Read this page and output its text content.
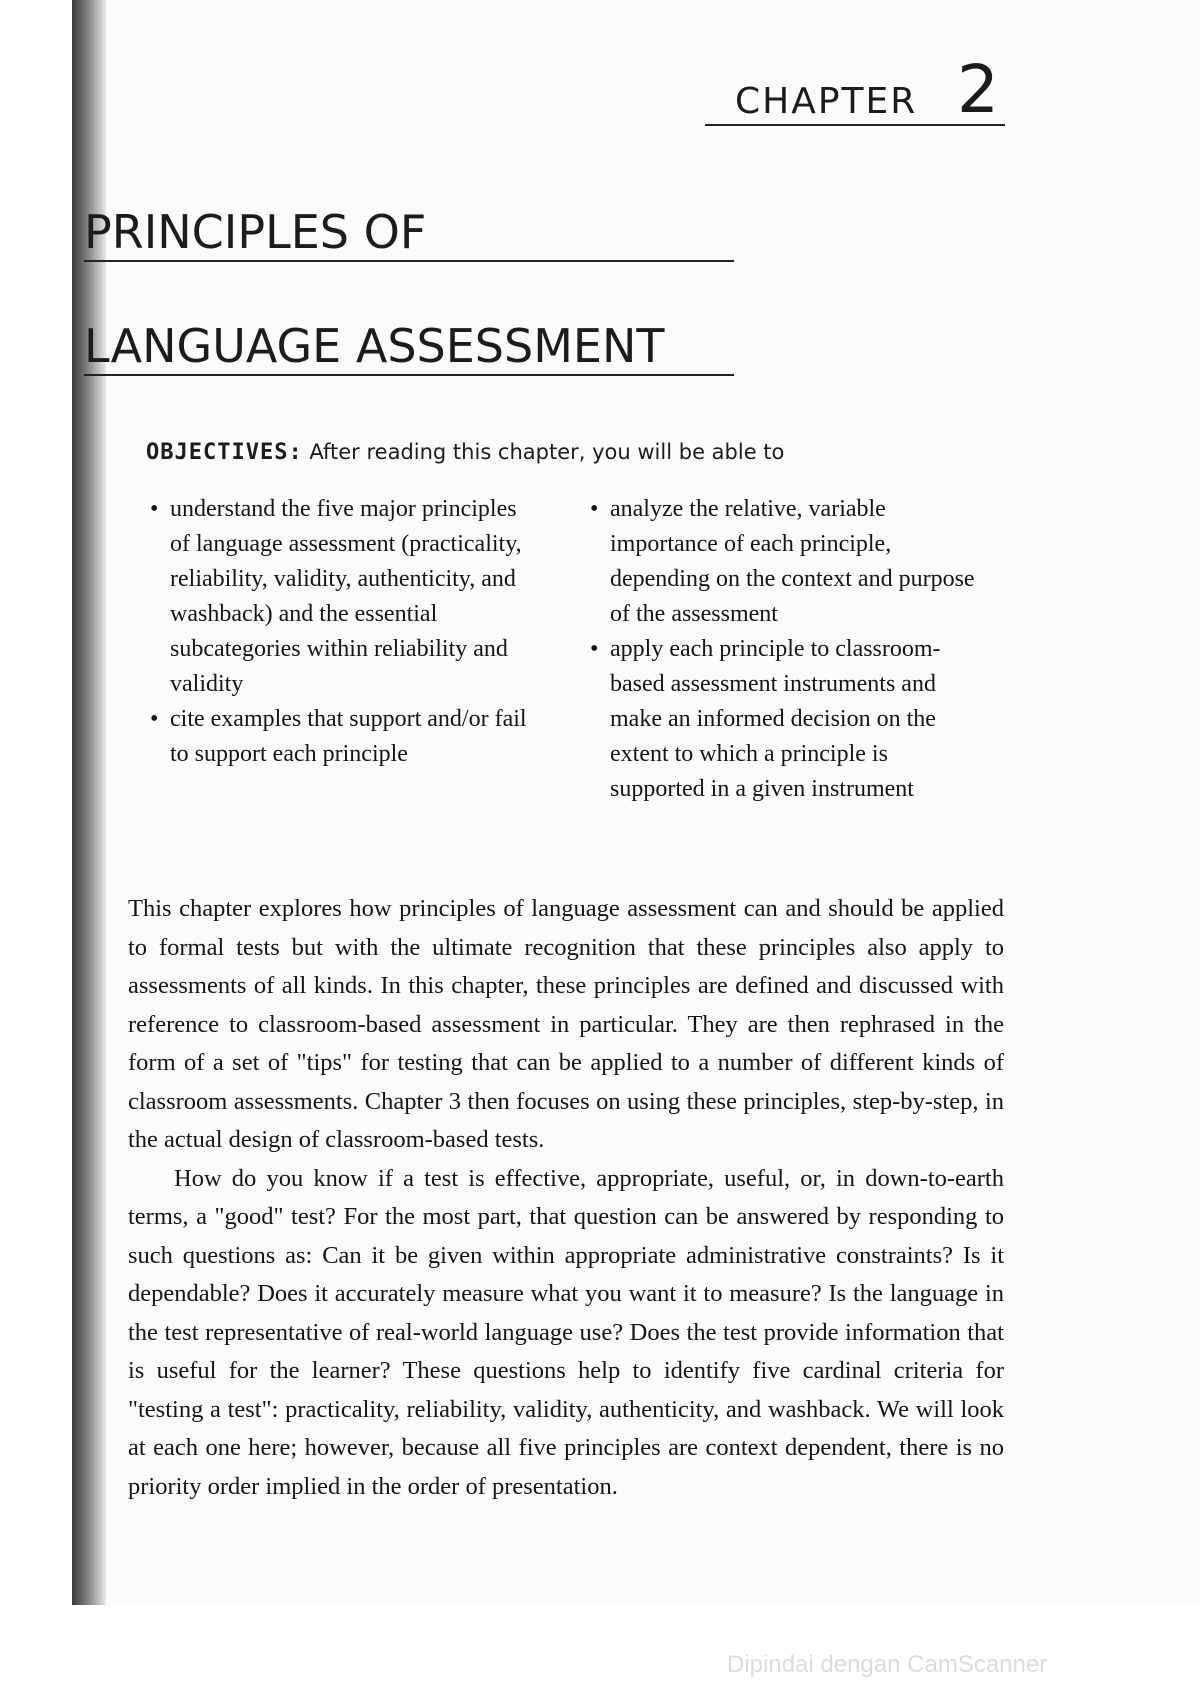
CHAPTER 2
PRINCIPLES OF
LANGUAGE ASSESSMENT
OBJECTIVES: After reading this chapter, you will be able to
• understand the five major principles of language assessment (practicality, reliability, validity, authenticity, and washback) and the essential subcategories within reliability and validity
• cite examples that support and/or fail to support each principle
• analyze the relative, variable importance of each principle, depending on the context and purpose of the assessment
• apply each principle to classroom-based assessment instruments and make an informed decision on the extent to which a principle is supported in a given instrument

This chapter explores how principles of language assessment can and should be applied to formal tests but with the ultimate recognition that these principles also apply to assessments of all kinds. In this chapter, these principles are defined and discussed with reference to classroom-based assessment in particular. They are then rephrased in the form of a set of "tips" for testing that can be applied to a number of different kinds of classroom assessments. Chapter 3 then focuses on using these principles, step-by-step, in the actual design of classroom-based tests.

How do you know if a test is effective, appropriate, useful, or, in down-to-earth terms, a "good" test? For the most part, that question can be answered by responding to such questions as: Can it be given within appropriate administrative constraints? Is it dependable? Does it accurately measure what you want it to measure? Is the language in the test representative of real-world language use? Does the test provide information that is useful for the learner? These questions help to identify five cardinal criteria for "testing a test": practicality, reliability, validity, authenticity, and washback. We will look at each one here; however, because all five principles are context dependent, there is no priority order implied in the order of presentation.

Dipindai dengan CamScanner
